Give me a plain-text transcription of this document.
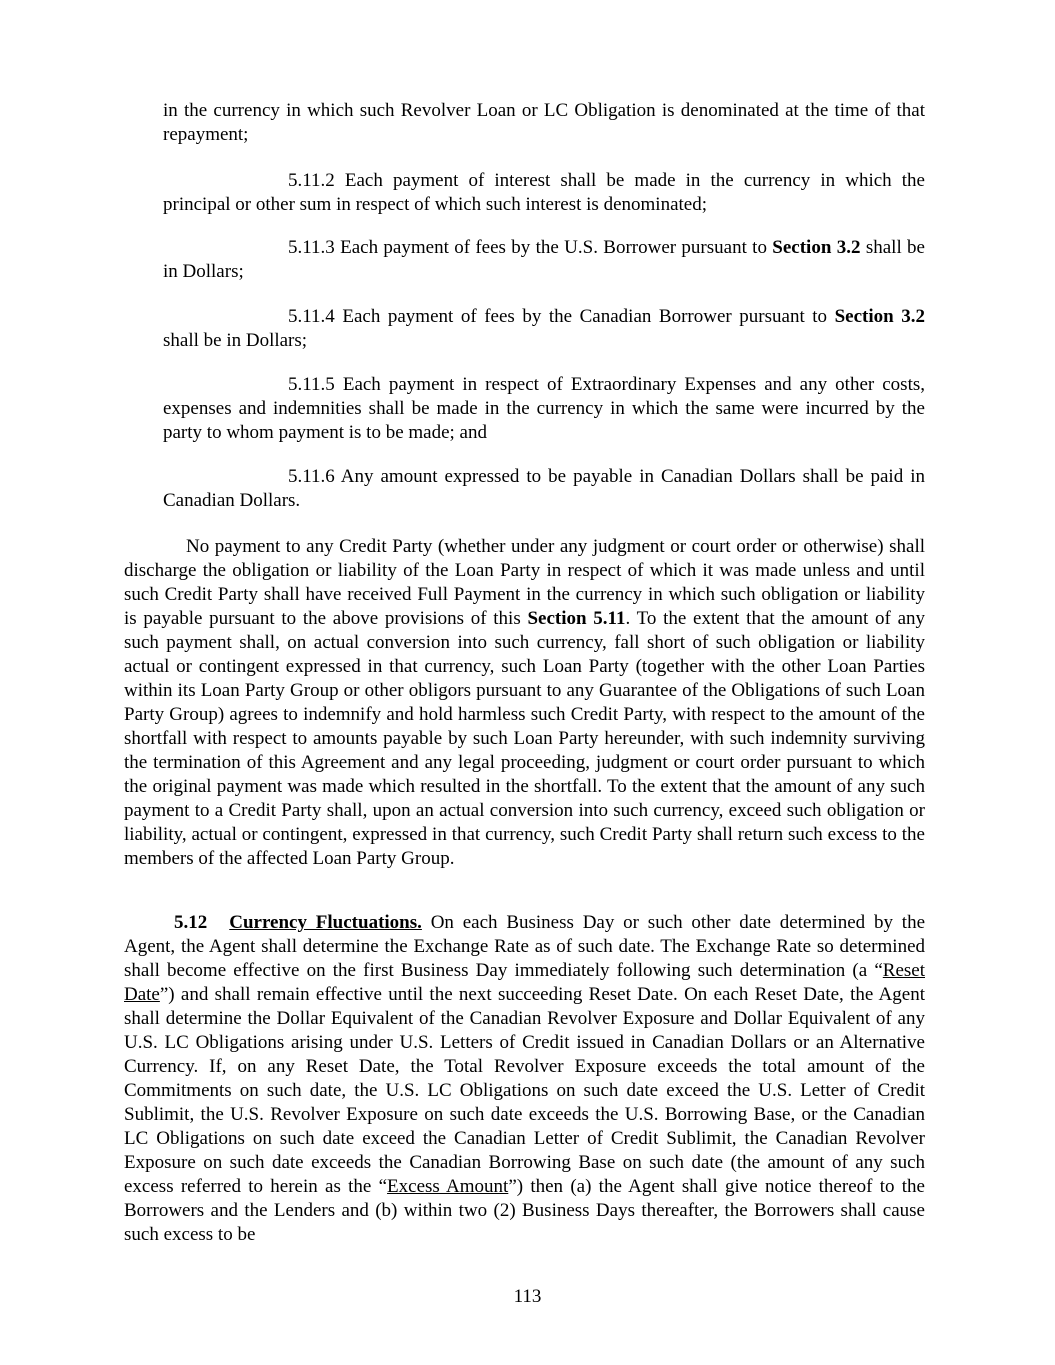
in the currency in which such Revolver Loan or LC Obligation is denominated at the time of that repayment;

5.11.2 Each payment of interest shall be made in the currency in which the principal or other sum in respect of which such interest is denominated;

5.11.3 Each payment of fees by the U.S. Borrower pursuant to Section 3.2 shall be in Dollars;

5.11.4 Each payment of fees by the Canadian Borrower pursuant to Section 3.2 shall be in Dollars;

5.11.5 Each payment in respect of Extraordinary Expenses and any other costs, expenses and indemnities shall be made in the currency in which the same were incurred by the party to whom payment is to be made; and

5.11.6 Any amount expressed to be payable in Canadian Dollars shall be paid in Canadian Dollars.

No payment to any Credit Party (whether under any judgment or court order or otherwise) shall discharge the obligation or liability of the Loan Party in respect of which it was made unless and until such Credit Party shall have received Full Payment in the currency in which such obligation or liability is payable pursuant to the above provisions of this Section 5.11. To the extent that the amount of any such payment shall, on actual conversion into such currency, fall short of such obligation or liability actual or contingent expressed in that currency, such Loan Party (together with the other Loan Parties within its Loan Party Group or other obligors pursuant to any Guarantee of the Obligations of such Loan Party Group) agrees to indemnify and hold harmless such Credit Party, with respect to the amount of the shortfall with respect to amounts payable by such Loan Party hereunder, with such indemnity surviving the termination of this Agreement and any legal proceeding, judgment or court order pursuant to which the original payment was made which resulted in the shortfall. To the extent that the amount of any such payment to a Credit Party shall, upon an actual conversion into such currency, exceed such obligation or liability, actual or contingent, expressed in that currency, such Credit Party shall return such excess to the members of the affected Loan Party Group.

5.12 Currency Fluctuations. On each Business Day or such other date determined by the Agent, the Agent shall determine the Exchange Rate as of such date. The Exchange Rate so determined shall become effective on the first Business Day immediately following such determination (a “Reset Date”) and shall remain effective until the next succeeding Reset Date. On each Reset Date, the Agent shall determine the Dollar Equivalent of the Canadian Revolver Exposure and Dollar Equivalent of any U.S. LC Obligations arising under U.S. Letters of Credit issued in Canadian Dollars or an Alternative Currency. If, on any Reset Date, the Total Revolver Exposure exceeds the total amount of the Commitments on such date, the U.S. LC Obligations on such date exceed the U.S. Letter of Credit Sublimit, the U.S. Revolver Exposure on such date exceeds the U.S. Borrowing Base, or the Canadian LC Obligations on such date exceed the Canadian Letter of Credit Sublimit, the Canadian Revolver Exposure on such date exceeds the Canadian Borrowing Base on such date (the amount of any such excess referred to herein as the “Excess Amount”) then (a) the Agent shall give notice thereof to the Borrowers and the Lenders and (b) within two (2) Business Days thereafter, the Borrowers shall cause such excess to be

113
